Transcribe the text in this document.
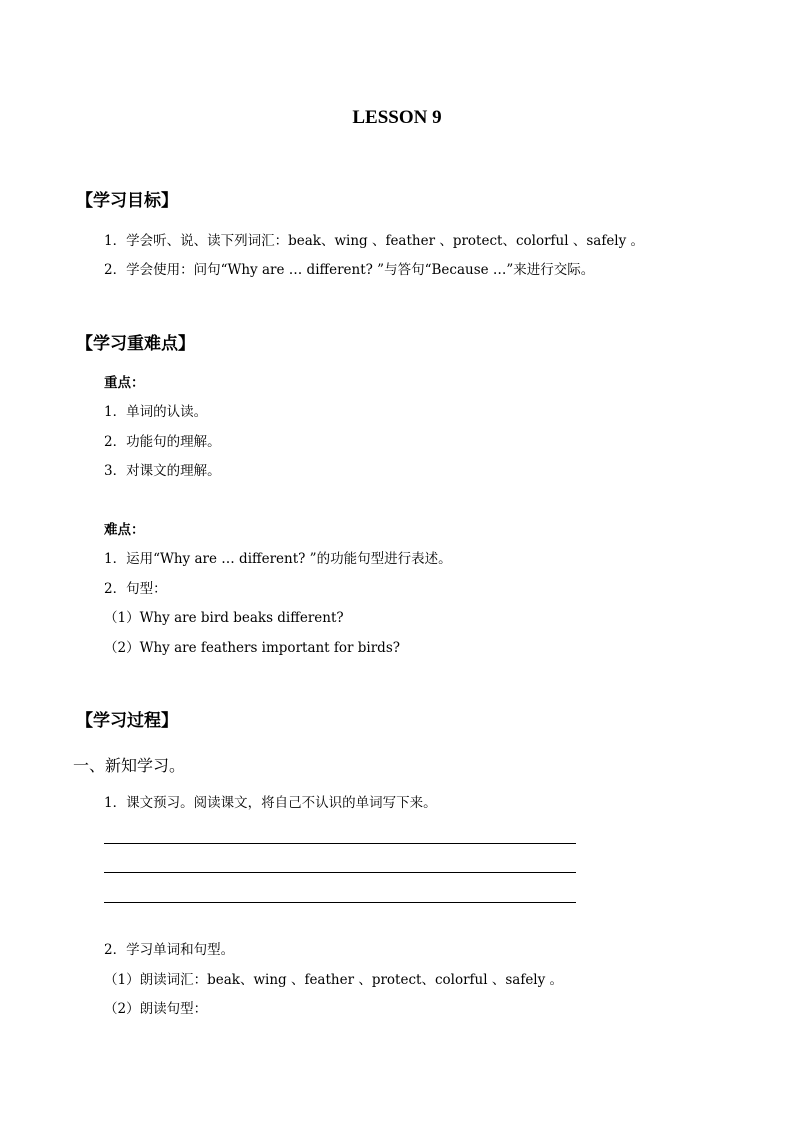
LESSON 9
【学习目标】
1．学会听、说、读下列词汇：beak、wing 、feather 、protect、colorful 、safely 。
2．学会使用：问句“Why are … different? ”与答句“Because …”来进行交际。
【学习重难点】
重点：
1．单词的认读。
2．功能句的理解。
3．对课文的理解。
难点：
1．运用“Why are … different? ”的功能句型进行表述。
2．句型：
（1）Why are bird beaks different?
（2）Why are feathers important for birds?
【学习过程】
一、新知学习。
1．课文预习。阅读课文，将自己不认识的单词写下来。
2．学习单词和句型。
（1）朗读词汇：beak、wing 、feather 、protect、colorful 、safely 。
（2）朗读句型：
